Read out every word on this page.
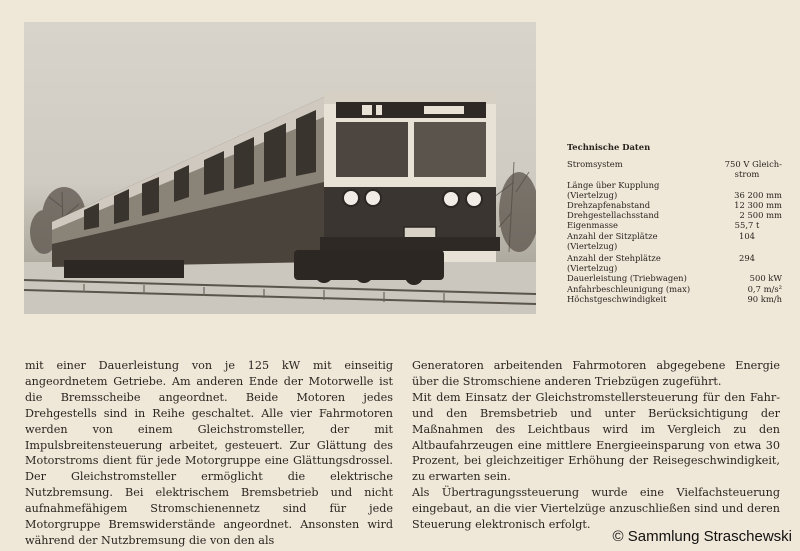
Technische Daten
Stromsystem	750 V Gleich-
strom
Länge über Kupplung
(Viertelzug)	36 200 mm
Drehzapfenabstand	12 300 mm
Drehgestellachsstand	2 500 mm
Eigenmasse	55,7 t
Anzahl der Sitzplätze	104
(Viertelzug)
Anzahl der Stehplätze	294
(Viertelzug)
Dauerleistung (Triebwagen)	500 kW
Anfahrbeschleunigung (max)	0,7 m/s²
Höchstgeschwindigkeit	90 km/h

mit einer Dauerleistung von je 125 kW mit einseitig angeordnetem Getriebe. Am anderen Ende der Motorwelle ist die Bremsscheibe angeordnet. Beide Motoren jedes Drehgestells sind in Reihe geschaltet. Alle vier Fahrmotoren werden von einem Gleichstromsteller, der mit Impulsbreitensteuerung arbeitet, gesteuert. Zur Glättung des Motorstroms dient für jede Motorgruppe eine Glättungsdrossel. Der Gleichstromsteller ermöglicht die elektrische Nutzbremsung. Bei elektrischem Bremsbetrieb und nicht aufnahmefähigem Stromschienennetz sind für jede Motorgruppe Bremswiderstände angeordnet. Ansonsten wird während der Nutzbremsung die von den als

Generatoren arbeitenden Fahrmotoren abgegebene Energie über die Stromschiene anderen Triebzügen zugeführt.

Mit dem Einsatz der Gleichstromstellersteuerung für den Fahr- und den Bremsbetrieb und unter Berücksichtigung der Maßnahmen des Leichtbaus wird im Vergleich zu den Altbaufahrzeugen eine mittlere Energieeinsparung von etwa 30 Prozent, bei gleichzeitiger Erhöhung der Reisegeschwindigkeit, zu erwarten sein.

Als Übertragungssteuerung wurde eine Vielfachsteuerung eingebaut, an die vier Viertelzüge anzuschließen sind und deren Steuerung elektronisch erfolgt.

© Sammlung Straschewski
